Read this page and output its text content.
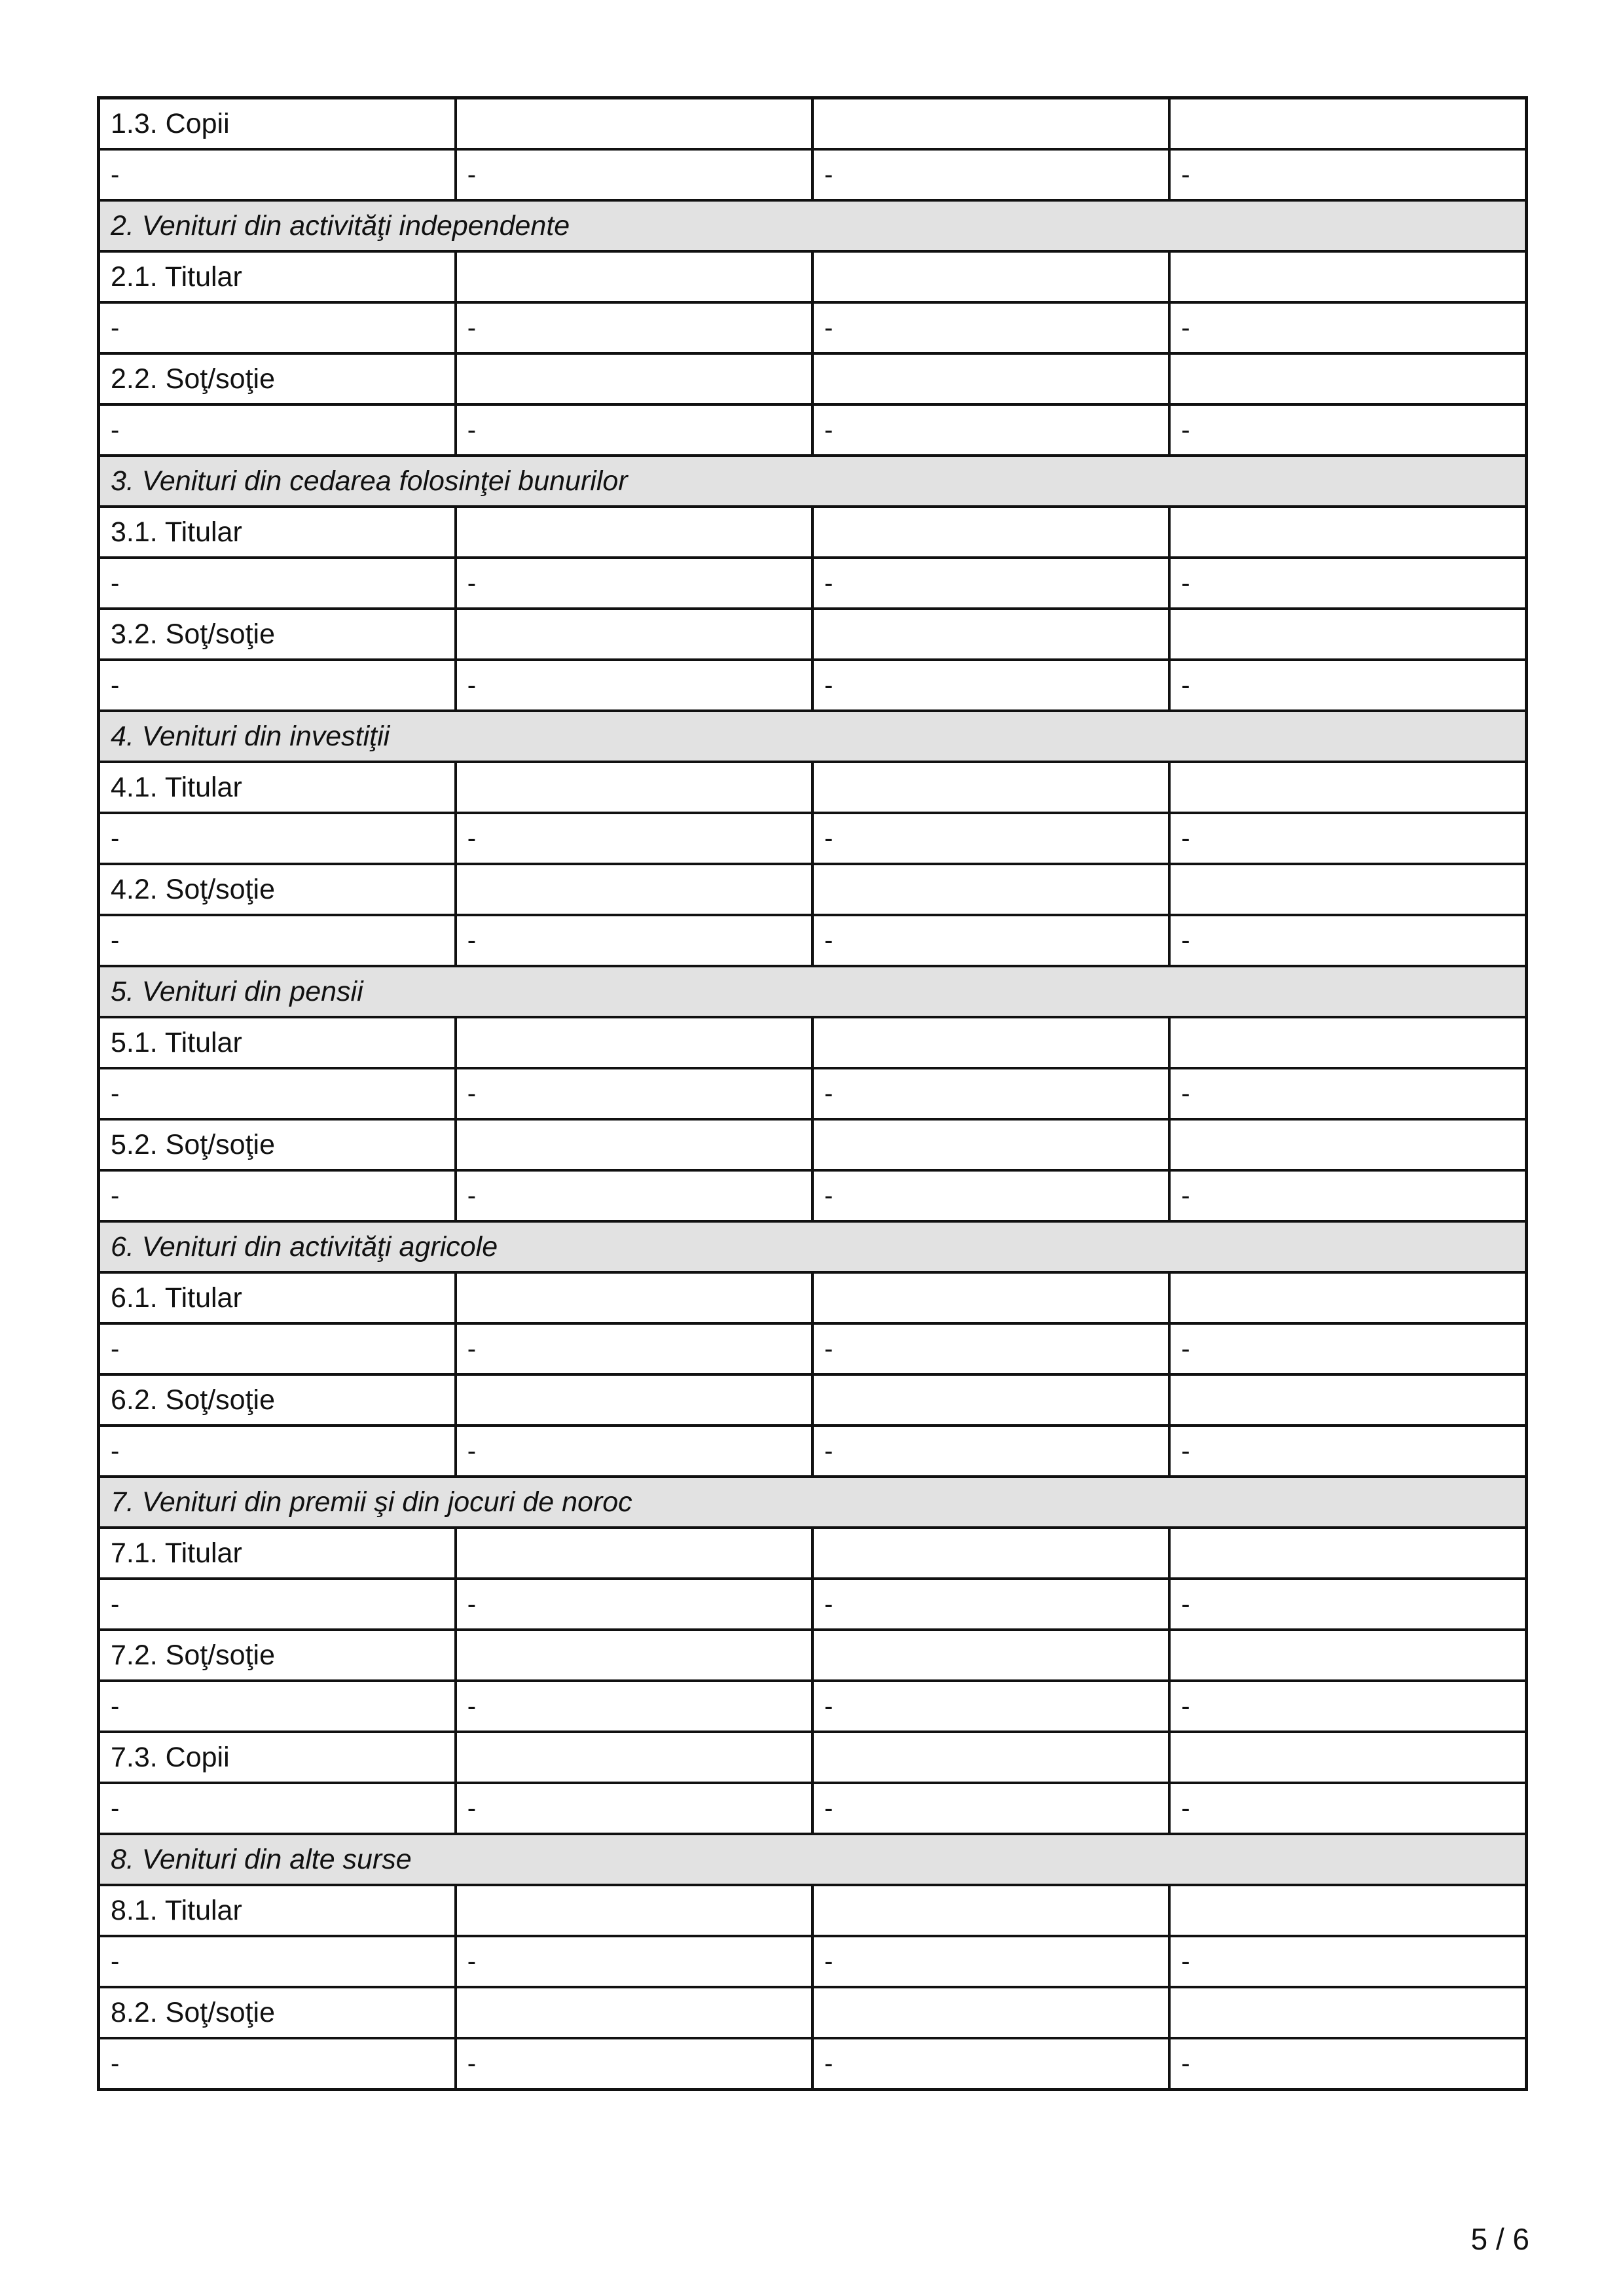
1.3. Copii			
-	-	-	-
2. Venituri din activităţi independente			
2.1. Titular			
-	-	-	-
2.2. Soţ/soţie			
-	-	-	-
3. Venituri din cedarea folosinţei bunurilor			
3.1. Titular			
-	-	-	-
3.2. Soţ/soţie			
-	-	-	-
4. Venituri din investiţii			
4.1. Titular			
-	-	-	-
4.2. Soţ/soţie			
-	-	-	-
5. Venituri din pensii			
5.1. Titular			
-	-	-	-
5.2. Soţ/soţie			
-	-	-	-
6. Venituri din activităţi agricole			
6.1. Titular			
-	-	-	-
6.2. Soţ/soţie			
-	-	-	-
7. Venituri din premii şi din jocuri de noroc			
7.1. Titular			
-	-	-	-
7.2. Soţ/soţie			
-	-	-	-
7.3. Copii			
-	-	-	-
8. Venituri din alte surse			
8.1. Titular			
-	-	-	-
8.2. Soţ/soţie			
-	-	-	-
5 / 6
